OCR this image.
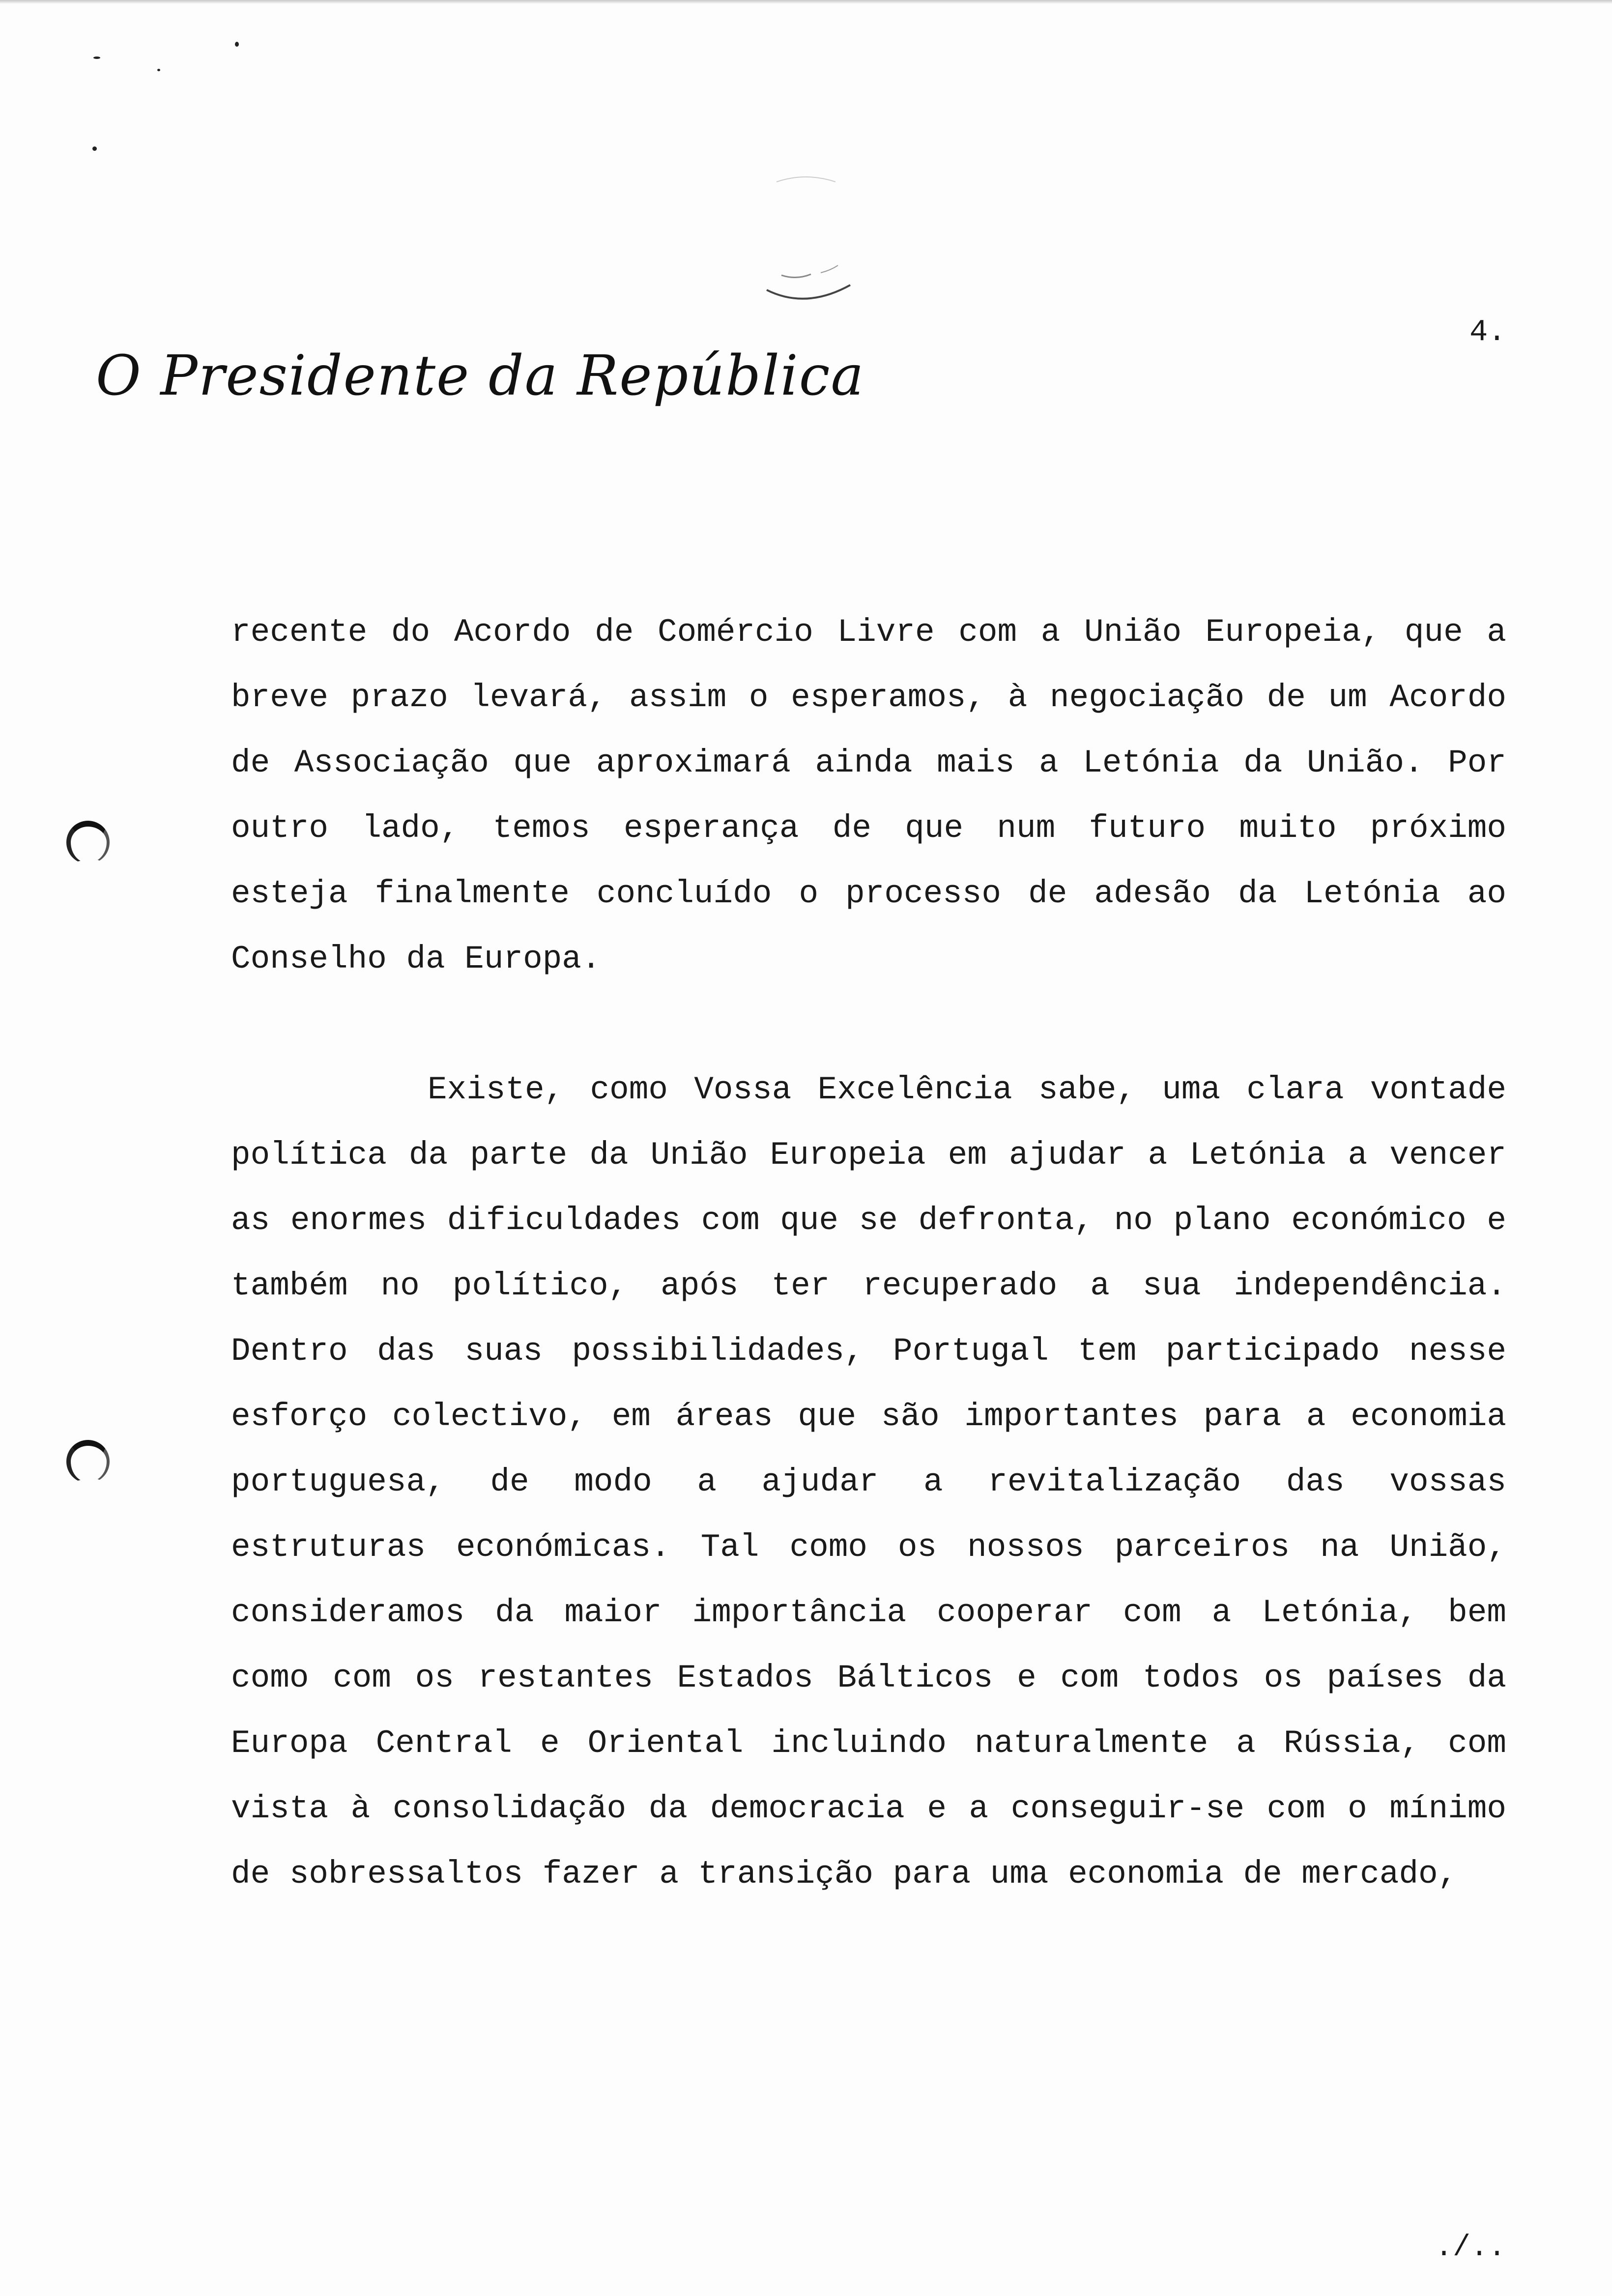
4.
O Presidente da República

recente do Acordo de Comércio Livre com a União Europeia, que a breve prazo levará, assim o esperamos, à negociação de um Acordo de Associação que aproximará ainda mais a Letónia da União. Por outro lado, temos esperança de que num futuro muito próximo esteja finalmente concluído o processo de adesão da Letónia ao Conselho da Europa.

Existe, como Vossa Excelência sabe, uma clara vontade política da parte da União Europeia em ajudar a Letónia a vencer as enormes dificuldades com que se defronta, no plano económico e também no político, após ter recuperado a sua independência. Dentro das suas possibilidades, Portugal tem participado nesse esforço colectivo, em áreas que são importantes para a economia portuguesa, de modo a ajudar a revitalização das vossas estruturas económicas. Tal como os nossos parceiros na União, consideramos da maior importância cooperar com a Letónia, bem como com os restantes Estados Bálticos e com todos os países da Europa Central e Oriental incluindo naturalmente a Rússia, com vista à consolidação da democracia e a conseguir-se com o mínimo de sobressaltos fazer a transição para uma economia de mercado,

./..
